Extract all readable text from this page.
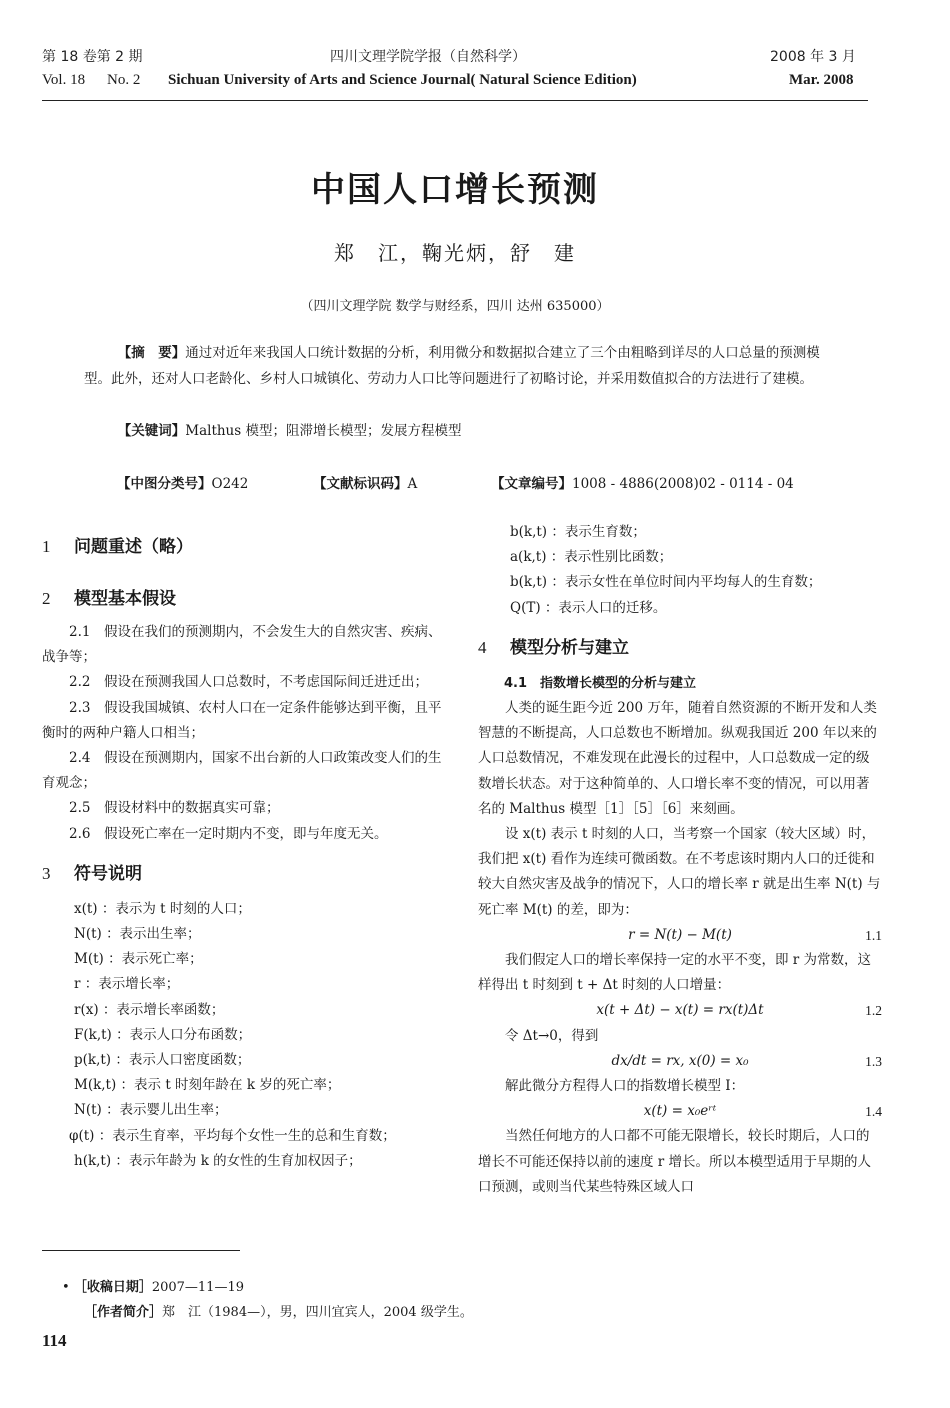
第 18 卷第 2 期	四川文理学院学报（自然科学）	2008 年 3 月
Vol. 18 No. 2 Sichuan University of Arts and Science Journal( Natural Science Edition)	Mar. 2008
中国人口增长预测
郑　江，鞠光炳，舒　建
（四川文理学院 数学与财经系，四川 达州 635000）
【摘　要】通过对近年来我国人口统计数据的分析，利用微分和数据拟合建立了三个由粗略到详尽的人口总量的预测模型。此外，还对人口老龄化、乡村人口城镇化、劳动力人口比等问题进行了初略讨论，并采用数值拟合的方法进行了建模。
【关键词】Malthus 模型；阻滞增长模型；发展方程模型
【中图分类号】O242	【文献标识码】A	【文章编号】1008 - 4886(2008)02 - 0114 - 04
1 问题重述（略）
2 模型基本假设

2.1　假设在我们的预测期内，不会发生大的自然灾害、疾病、战争等；

2.2　假设在预测我国人口总数时，不考虑国际间迁进迁出；

2.3　假设我国城镇、农村人口在一定条件能够达到平衡，且平衡时的两种户籍人口相当；

2.4　假设在预测期内，国家不出台新的人口政策改变人们的生育观念；

2.5　假设材料中的数据真实可靠；

2.6　假设死亡率在一定时期内不变，即与年度无关。

3 符号说明

x(t) ：表示为 t 时刻的人口；

N(t) ：表示出生率；

M(t) ：表示死亡率；

r ：表示增长率；

r(x) ：表示增长率函数；

F(k,t) ：表示人口分布函数；

p(k,t) ：表示人口密度函数；

M(k,t) ：表示 t 时刻年龄在 k 岁的死亡率；

N(t) ：表示婴儿出生率；

φ(t) ：表示生育率，平均每个女性一生的总和生育数；

h(k,t) ：表示年龄为 k 的女性的生育加权因子；

b(k,t) ：表示生育数；

a(k,t) ：表示性别比函数；

b(k,t) ：表示女性在单位时间内平均每人的生育数；

Q(T) ：表示人口的迁移。

4 模型分析与建立

4.1　指数增长模型的分析与建立

人类的诞生距今近 200 万年，随着自然资源的不断开发和人类智慧的不断提高，人口总数也不断增加。纵观我国近 200 年以来的人口总数情况，不难发现在此漫长的过程中，人口总数成一定的级数增长状态。对于这种简单的、人口增长率不变的情况，可以用著名的 Malthus 模型［1］［5］［6］来刻画。

设 x(t) 表示 t 时刻的人口，当考察一个国家（较大区域）时，我们把 x(t) 看作为连续可微函数。在不考虑该时期内人口的迁徙和较大自然灾害及战争的情况下，人口的增长率 r 就是出生率 N(t) 与死亡率 M(t) 的差，即为：

r = N(t) − M(t)	1.1

我们假定人口的增长率保持一定的水平不变，即 r 为常数，这样得出 t 时刻到 t + Δt 时刻的人口增量：

x(t + Δt) − x(t) = rx(t)Δt	1.2

令 Δt→0，得到

dx/dt = rx, x(0) = x₀	1.3

解此微分方程得人口的指数增长模型 Ⅰ：

x(t) = x₀eʳᵗ	1.4

当然任何地方的人口都不可能无限增长，较长时期后，人口的增长不可能还保持以前的速度 r 增长。所以本模型适用于早期的人口预测，或则当代某些特殊区域人口

• ［收稿日期］2007—11—19
［作者简介］郑　江（1984—），男，四川宜宾人，2004 级学生。
114
